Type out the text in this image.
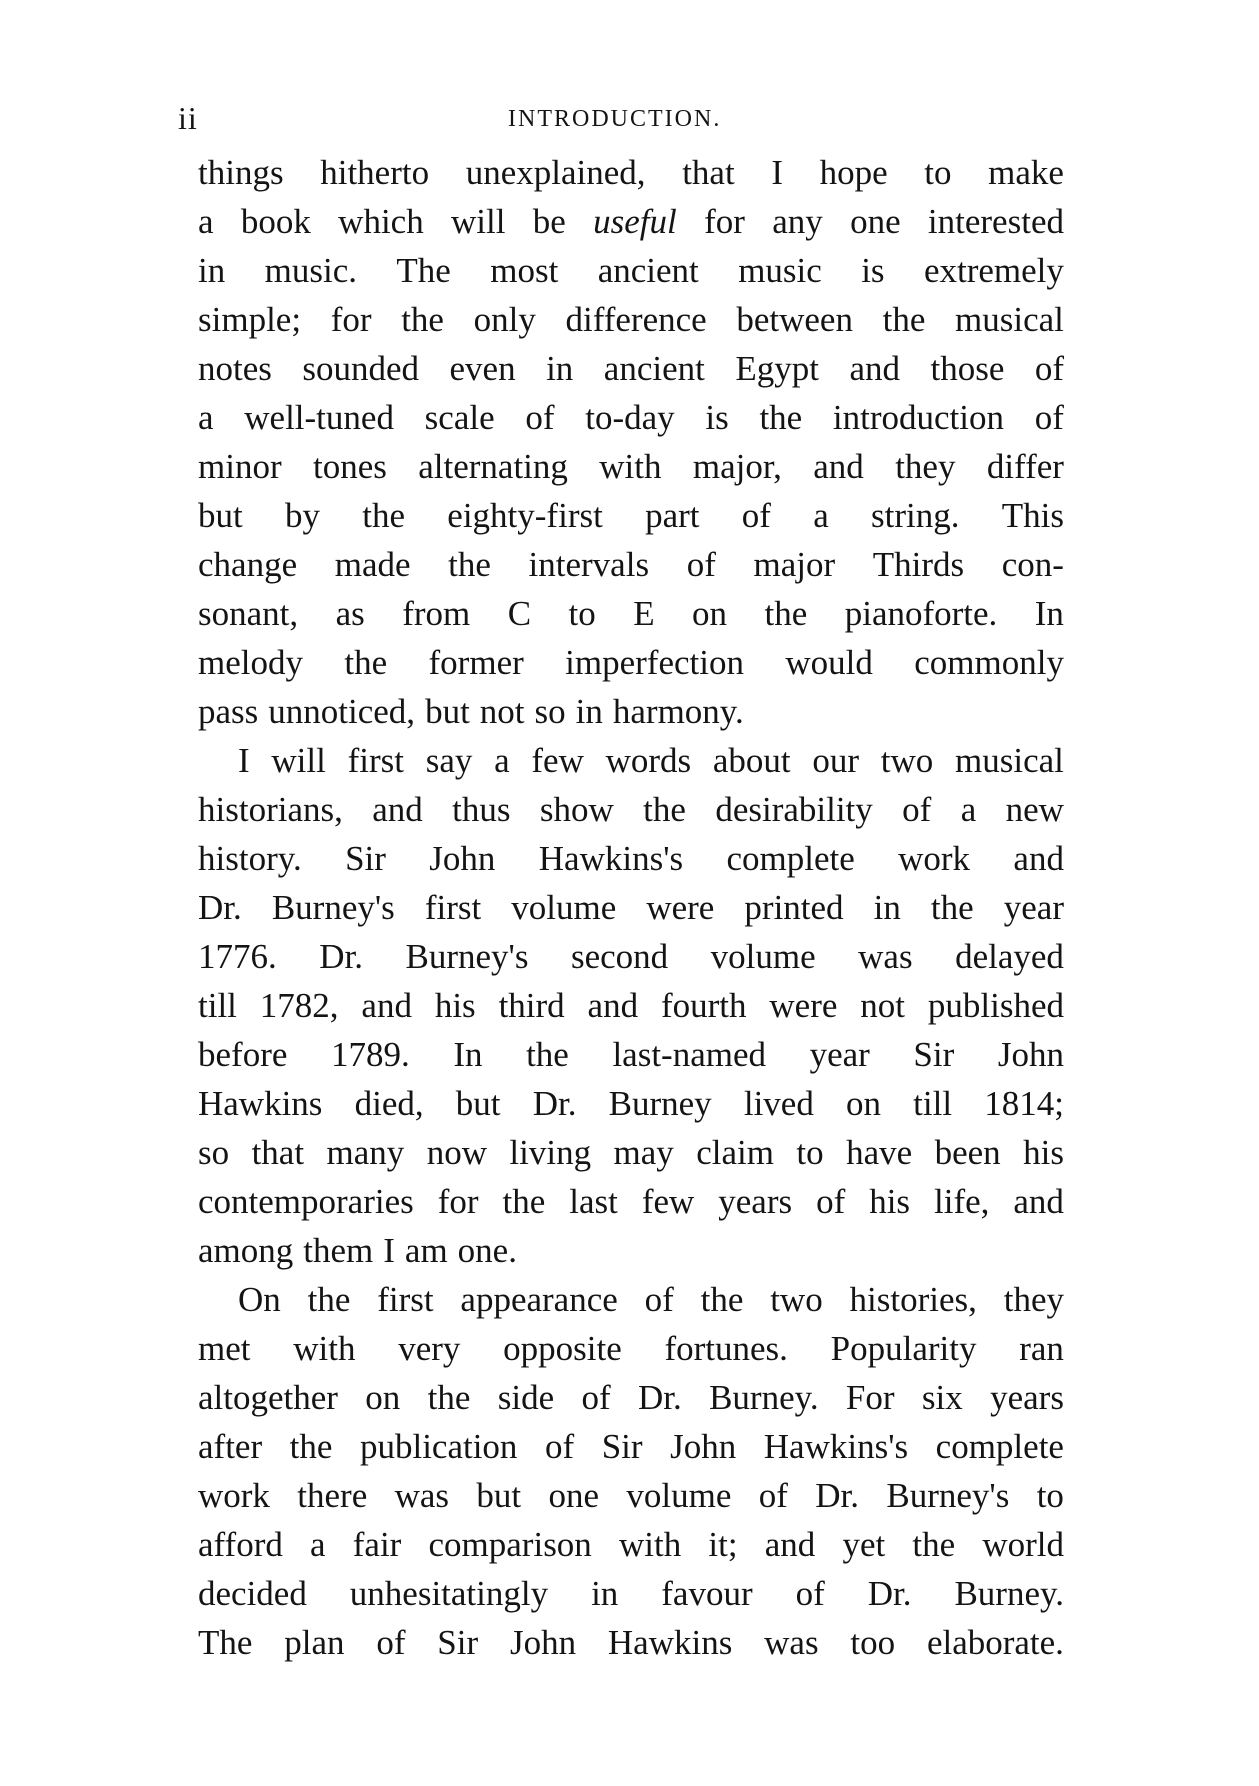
ii	INTRODUCTION.
things hitherto unexplained, that I hope to make
a book which will be useful for any one interested
in music. The most ancient music is extremely
simple; for the only difference between the musical
notes sounded even in ancient Egypt and those of
a well-tuned scale of to-day is the introduction of
minor tones alternating with major, and they differ
but by the eighty-first part of a string. This
change made the intervals of major Thirds con-
sonant, as from C to E on the pianoforte. In
melody the former imperfection would commonly
pass unnoticed, but not so in harmony.
I will first say a few words about our two musical
historians, and thus show the desirability of a new
history. Sir John Hawkins's complete work and
Dr. Burney's first volume were printed in the year
1776. Dr. Burney's second volume was delayed
till 1782, and his third and fourth were not published
before 1789. In the last-named year Sir John
Hawkins died, but Dr. Burney lived on till 1814;
so that many now living may claim to have been his
contemporaries for the last few years of his life, and
among them I am one.
On the first appearance of the two histories, they
met with very opposite fortunes. Popularity ran
altogether on the side of Dr. Burney. For six years
after the publication of Sir John Hawkins's complete
work there was but one volume of Dr. Burney's to
afford a fair comparison with it; and yet the world
decided unhesitatingly in favour of Dr. Burney.
The plan of Sir John Hawkins was too elaborate.
